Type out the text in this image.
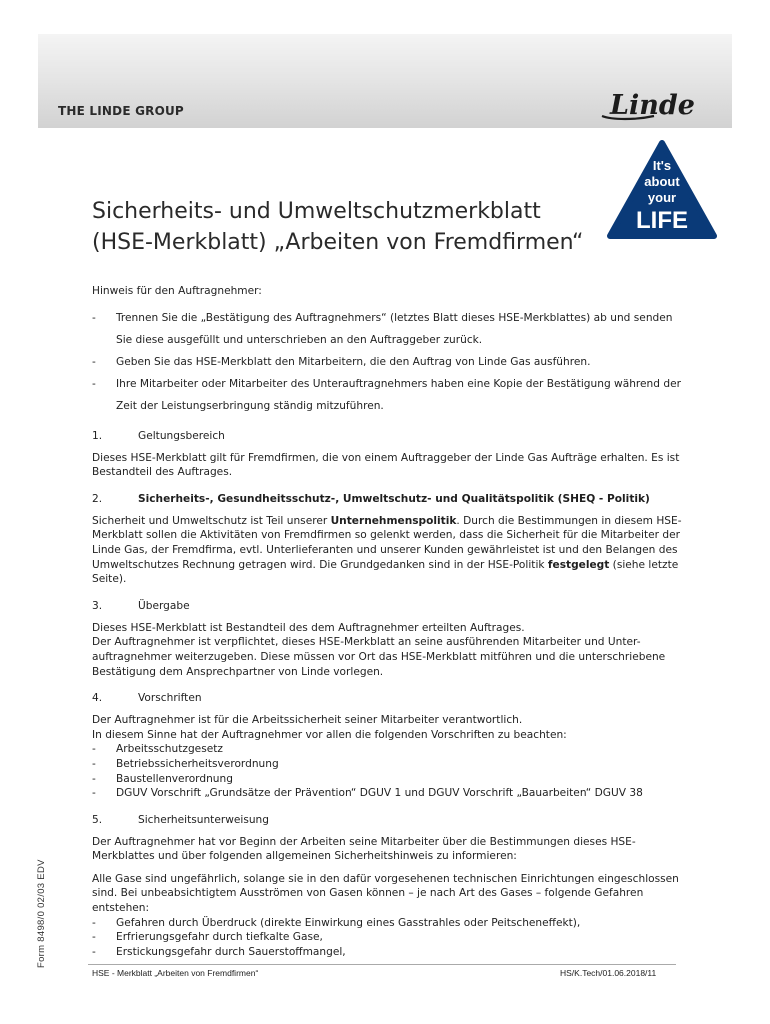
THE LINDE GROUP	Linde
It's
about
your
LIFE
Sicherheits- und Umweltschutzmerkblatt
(HSE-Merkblatt) „Arbeiten von Fremdfirmen“

Hinweis für den Auftragnehmer:

- Trennen Sie die „Bestätigung des Auftragnehmers“ (letztes Blatt dieses HSE-Merkblattes) ab und senden
Sie diese ausgefüllt und unterschrieben an den Auftraggeber zurück.
- Geben Sie das HSE-Merkblatt den Mitarbeitern, die den Auftrag von Linde Gas ausführen.
- Ihre Mitarbeiter oder Mitarbeiter des Unterauftragnehmers haben eine Kopie der Bestätigung während der
Zeit der Leistungserbringung ständig mitzuführen.
1.	Geltungsbereich

Dieses HSE-Merkblatt gilt für Fremdfirmen, die von einem Auftraggeber der Linde Gas Aufträge erhalten. Es ist

Bestandteil des Auftrages.

2.	Sicherheits-, Gesundheitsschutz-, Umweltschutz- und Qualitätspolitik (SHEQ - Politik)

Sicherheit und Umweltschutz ist Teil unserer Unternehmenspolitik. Durch die Bestimmungen in diesem HSE-

Merkblatt sollen die Aktivitäten von Fremdfirmen so gelenkt werden, dass die Sicherheit für die Mitarbeiter der

Linde Gas, der Fremdfirma, evtl. Unterlieferanten und unserer Kunden gewährleistet ist und den Belangen des

Umweltschutzes Rechnung getragen wird. Die Grundgedanken sind in der HSE-Politik festgelegt (siehe letzte

Seite).

3.	Übergabe

Dieses HSE-Merkblatt ist Bestandteil des dem Auftragnehmer erteilten Auftrages.

Der Auftragnehmer ist verpflichtet, dieses HSE-Merkblatt an seine ausführenden Mitarbeiter und Unter-

auftragnehmer weiterzugeben. Diese müssen vor Ort das HSE-Merkblatt mitführen und die unterschriebene

Bestätigung dem Ansprechpartner von Linde vorlegen.

4.	Vorschriften

Der Auftragnehmer ist für die Arbeitssicherheit seiner Mitarbeiter verantwortlich.

In diesem Sinne hat der Auftragnehmer vor allen die folgenden Vorschriften zu beachten:

- Arbeitsschutzgesetz

- Betriebssicherheitsverordnung

- Baustellenverordnung

- DGUV Vorschrift „Grundsätze der Prävention“ DGUV 1 und DGUV Vorschrift „Bauarbeiten“ DGUV 38

5.	Sicherheitsunterweisung

Der Auftragnehmer hat vor Beginn der Arbeiten seine Mitarbeiter über die Bestimmungen dieses HSE-

Merkblattes und über folgenden allgemeinen Sicherheitshinweis zu informieren:

Alle Gase sind ungefährlich, solange sie in den dafür vorgesehenen technischen Einrichtungen eingeschlossen

sind. Bei unbeabsichtigtem Ausströmen von Gasen können – je nach Art des Gases – folgende Gefahren

entstehen:

- Gefahren durch Überdruck (direkte Einwirkung eines Gasstrahles oder Peitscheneffekt),

- Erfrierungsgefahr durch tiefkalte Gase,

- Erstickungsgefahr durch Sauerstoffmangel,

Form 8498/0 02/03 EDV
HSE - Merkblatt „Arbeiten von Fremdfirmen“	HS/K.Tech/01.06.2018/11
